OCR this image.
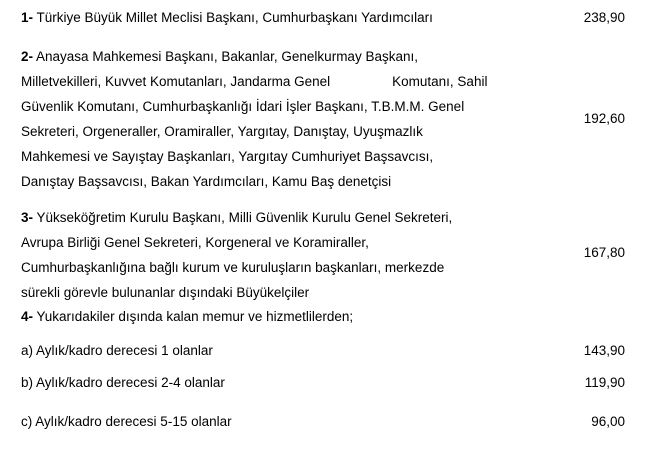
1- Türkiye Büyük Millet Meclisi Başkanı, Cumhurbaşkanı Yardımcıları	238,90
2- Anayasa Mahkemesi Başkanı, Bakanlar, Genelkurmay Başkanı,
Milletvekilleri, Kuvvet Komutanları, Jandarma Genel	Komutanı, Sahil
Güvenlik Komutanı, Cumhurbaşkanlığı İdari İşler Başkanı, T.B.M.M. Genel
Sekreteri, Orgeneraller, Oramiraller, Yargıtay, Danıştay, Uyuşmazlık
Mahkemesi ve Sayıştay Başkanları, Yargıtay Cumhuriyet Başsavcısı,
Danıştay Başsavcısı, Bakan Yardımcıları, Kamu Baş denetçisi
192,60
3- Yükseköğretim Kurulu Başkanı, Milli Güvenlik Kurulu Genel Sekreteri,
Avrupa Birliği Genel Sekreteri, Korgeneral ve Koramiraller,
Cumhurbaşkanlığına bağlı kurum ve kuruluşların başkanları, merkezde
sürekli görevle bulunanlar dışındaki Büyükelçiler
167,80
4- Yukarıdakiler dışında kalan memur ve hizmetlilerden;
a) Aylık/kadro derecesi 1 olanlar	143,90
b) Aylık/kadro derecesi 2-4 olanlar	119,90
c) Aylık/kadro derecesi 5-15 olanlar	96,00
